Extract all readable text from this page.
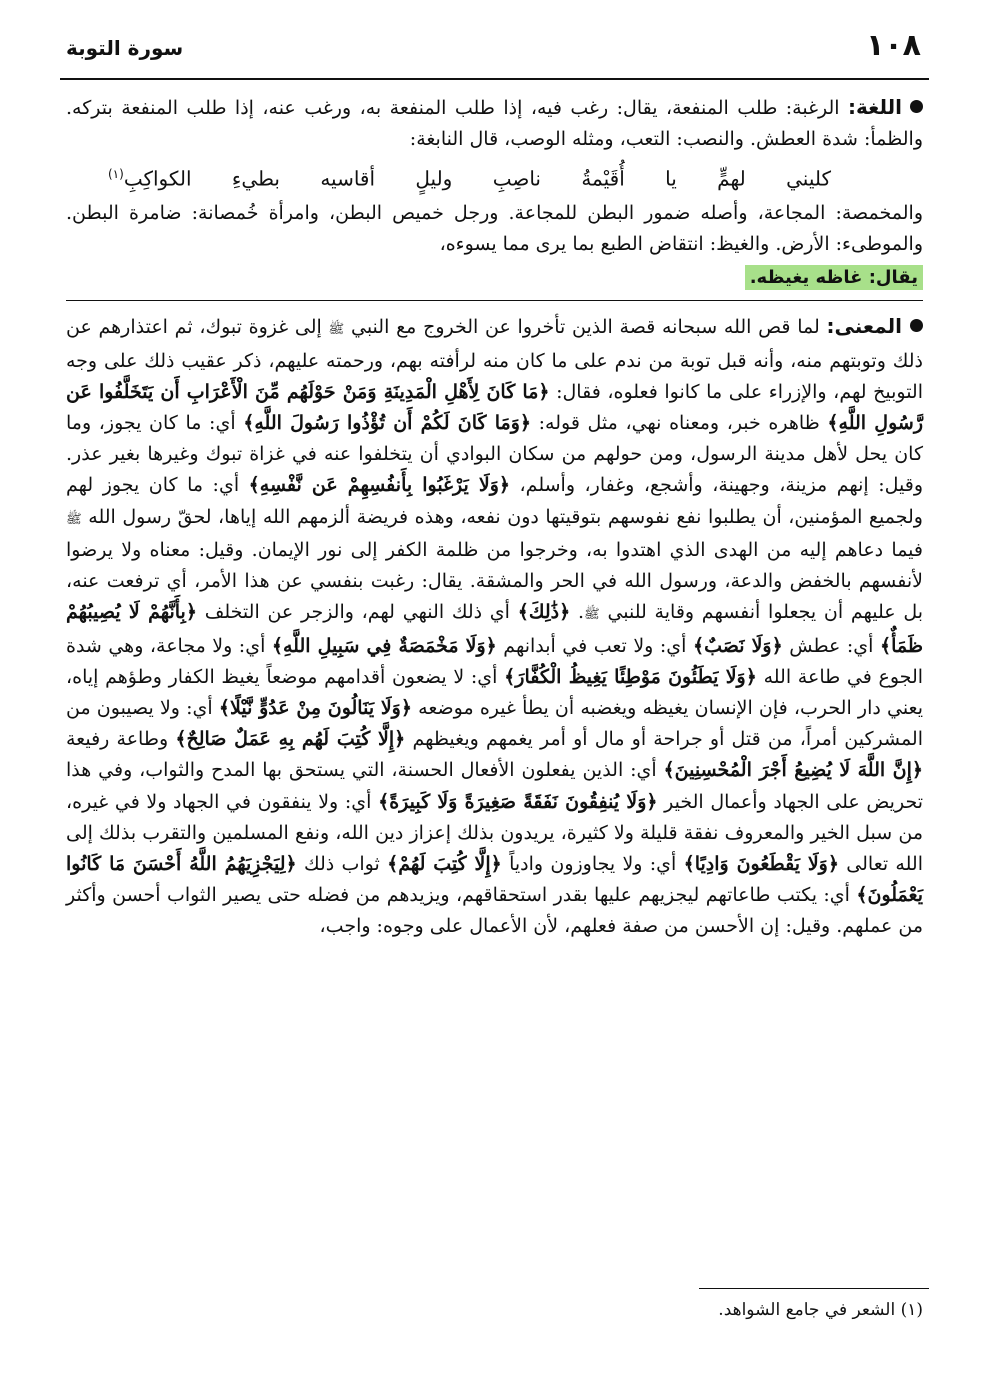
١٠٨
سورة التوبة

اللغة: الرغبة: طلب المنفعة، يقال: رغب فيه، إذا طلب المنفعة به، ورغب عنه، إذا طلب المنفعة بتركه. والظمأ: شدة العطش. والنصب: التعب، ومثله الوصب، قال النابغة:

كليني لهمٍّ يا أُقَيْمةُ ناصِبِ وليلٍ أقاسيه بطيءِ الكواكِبِ$^{(١)}$

والمخمصة: المجاعة، وأصله ضمور البطن للمجاعة. ورجل خميص البطن، وامرأة خُمصانة: ضامرة البطن. والموطىء: الأرض. والغيظ: انتقاض الطبع بما يرى مما يسوءه،

يقال: غاظه يغيظه.

المعنى: لما قص الله سبحانه قصة الذين تأخروا عن الخروج مع النبي ﷺ إلى غزوة تبوك، ثم اعتذارهم عن ذلك وتوبتهم منه، وأنه قبل توبة من ندم على ما كان منه لرأفته بهم، ورحمته عليهم، ذكر عقيب ذلك على وجه التوبيخ لهم، والإزراء على ما كانوا فعلوه، فقال: ﴿مَا كَانَ لِأَهْلِ الْمَدِينَةِ وَمَنْ حَوْلَهُم مِّنَ الْأَعْرَابِ أَن يَتَخَلَّفُوا عَن رَّسُولِ اللَّهِ﴾ ظاهره خبر، ومعناه نهي، مثل قوله: ﴿وَمَا كَانَ لَكُمْ أَن تُؤْذُوا رَسُولَ اللَّهِ﴾ أي: ما كان يجوز، وما كان يحل لأهل مدينة الرسول، ومن حولهم من سكان البوادي أن يتخلفوا عنه في غزاة تبوك وغيرها بغير عذر. وقيل: إنهم مزينة، وجهينة، وأشجع، وغفار، وأسلم، ﴿وَلَا يَرْغَبُوا بِأَنفُسِهِمْ عَن نَّفْسِهِ﴾ أي: ما كان يجوز لهم ولجميع المؤمنين، أن يطلبوا نفع نفوسهم بتوقيتها دون نفعه، وهذه فريضة ألزمهم الله إياها، لحقّ رسول الله ﷺ فيما دعاهم إليه من الهدى الذي اهتدوا به، وخرجوا من ظلمة الكفر إلى نور الإيمان. وقيل: معناه ولا يرضوا لأنفسهم بالخفض والدعة، ورسول الله في الحر والمشقة. يقال: رغبت بنفسي عن هذا الأمر، أي ترفعت عنه، بل عليهم أن يجعلوا أنفسهم وقاية للنبي ﷺ. ﴿ذَٰلِكَ﴾ أي ذلك النهي لهم، والزجر عن التخلف ﴿بِأَنَّهُمْ لَا يُصِيبُهُمْ ظَمَأٌ﴾ أي: عطش ﴿وَلَا نَصَبٌ﴾ أي: ولا تعب في أبدانهم ﴿وَلَا مَخْمَصَةٌ فِي سَبِيلِ اللَّهِ﴾ أي: ولا مجاعة، وهي شدة الجوع في طاعة الله ﴿وَلَا يَطَئُونَ مَوْطِئًا يَغِيظُ الْكُفَّارَ﴾ أي: لا يضعون أقدامهم موضعاً يغيظ الكفار وطؤهم إياه، يعني دار الحرب، فإن الإنسان يغيظه ويغضبه أن يطأ غيره موضعه ﴿وَلَا يَنَالُونَ مِنْ عَدُوٍّ نَّيْلًا﴾ أي: ولا يصيبون من المشركين أمراً، من قتل أو جراحة أو مال أو أمر يغمهم ويغيظهم ﴿إِلَّا كُتِبَ لَهُم بِهِ عَمَلٌ صَالِحٌ﴾ وطاعة رفيعة ﴿إِنَّ اللَّهَ لَا يُضِيعُ أَجْرَ الْمُحْسِنِينَ﴾ أي: الذين يفعلون الأفعال الحسنة، التي يستحق بها المدح والثواب، وفي هذا تحريض على الجهاد وأعمال الخير ﴿وَلَا يُنفِقُونَ نَفَقَةً صَغِيرَةً وَلَا كَبِيرَةً﴾ أي: ولا ينفقون في الجهاد ولا في غيره، من سبل الخير والمعروف نفقة قليلة ولا كثيرة، يريدون بذلك إعزاز دين الله، ونفع المسلمين والتقرب بذلك إلى الله تعالى ﴿وَلَا يَقْطَعُونَ وَادِيًا﴾ أي: ولا يجاوزون وادياً ﴿إِلَّا كُتِبَ لَهُمْ﴾ ثواب ذلك ﴿لِيَجْزِيَهُمُ اللَّهُ أَحْسَنَ مَا كَانُوا يَعْمَلُونَ﴾ أي: يكتب طاعاتهم ليجزيهم عليها بقدر استحقاقهم، ويزيدهم من فضله حتى يصير الثواب أحسن وأكثر من عملهم. وقيل: إن الأحسن من صفة فعلهم، لأن الأعمال على وجوه: واجب،

(١) الشعر في جامع الشواهد.
